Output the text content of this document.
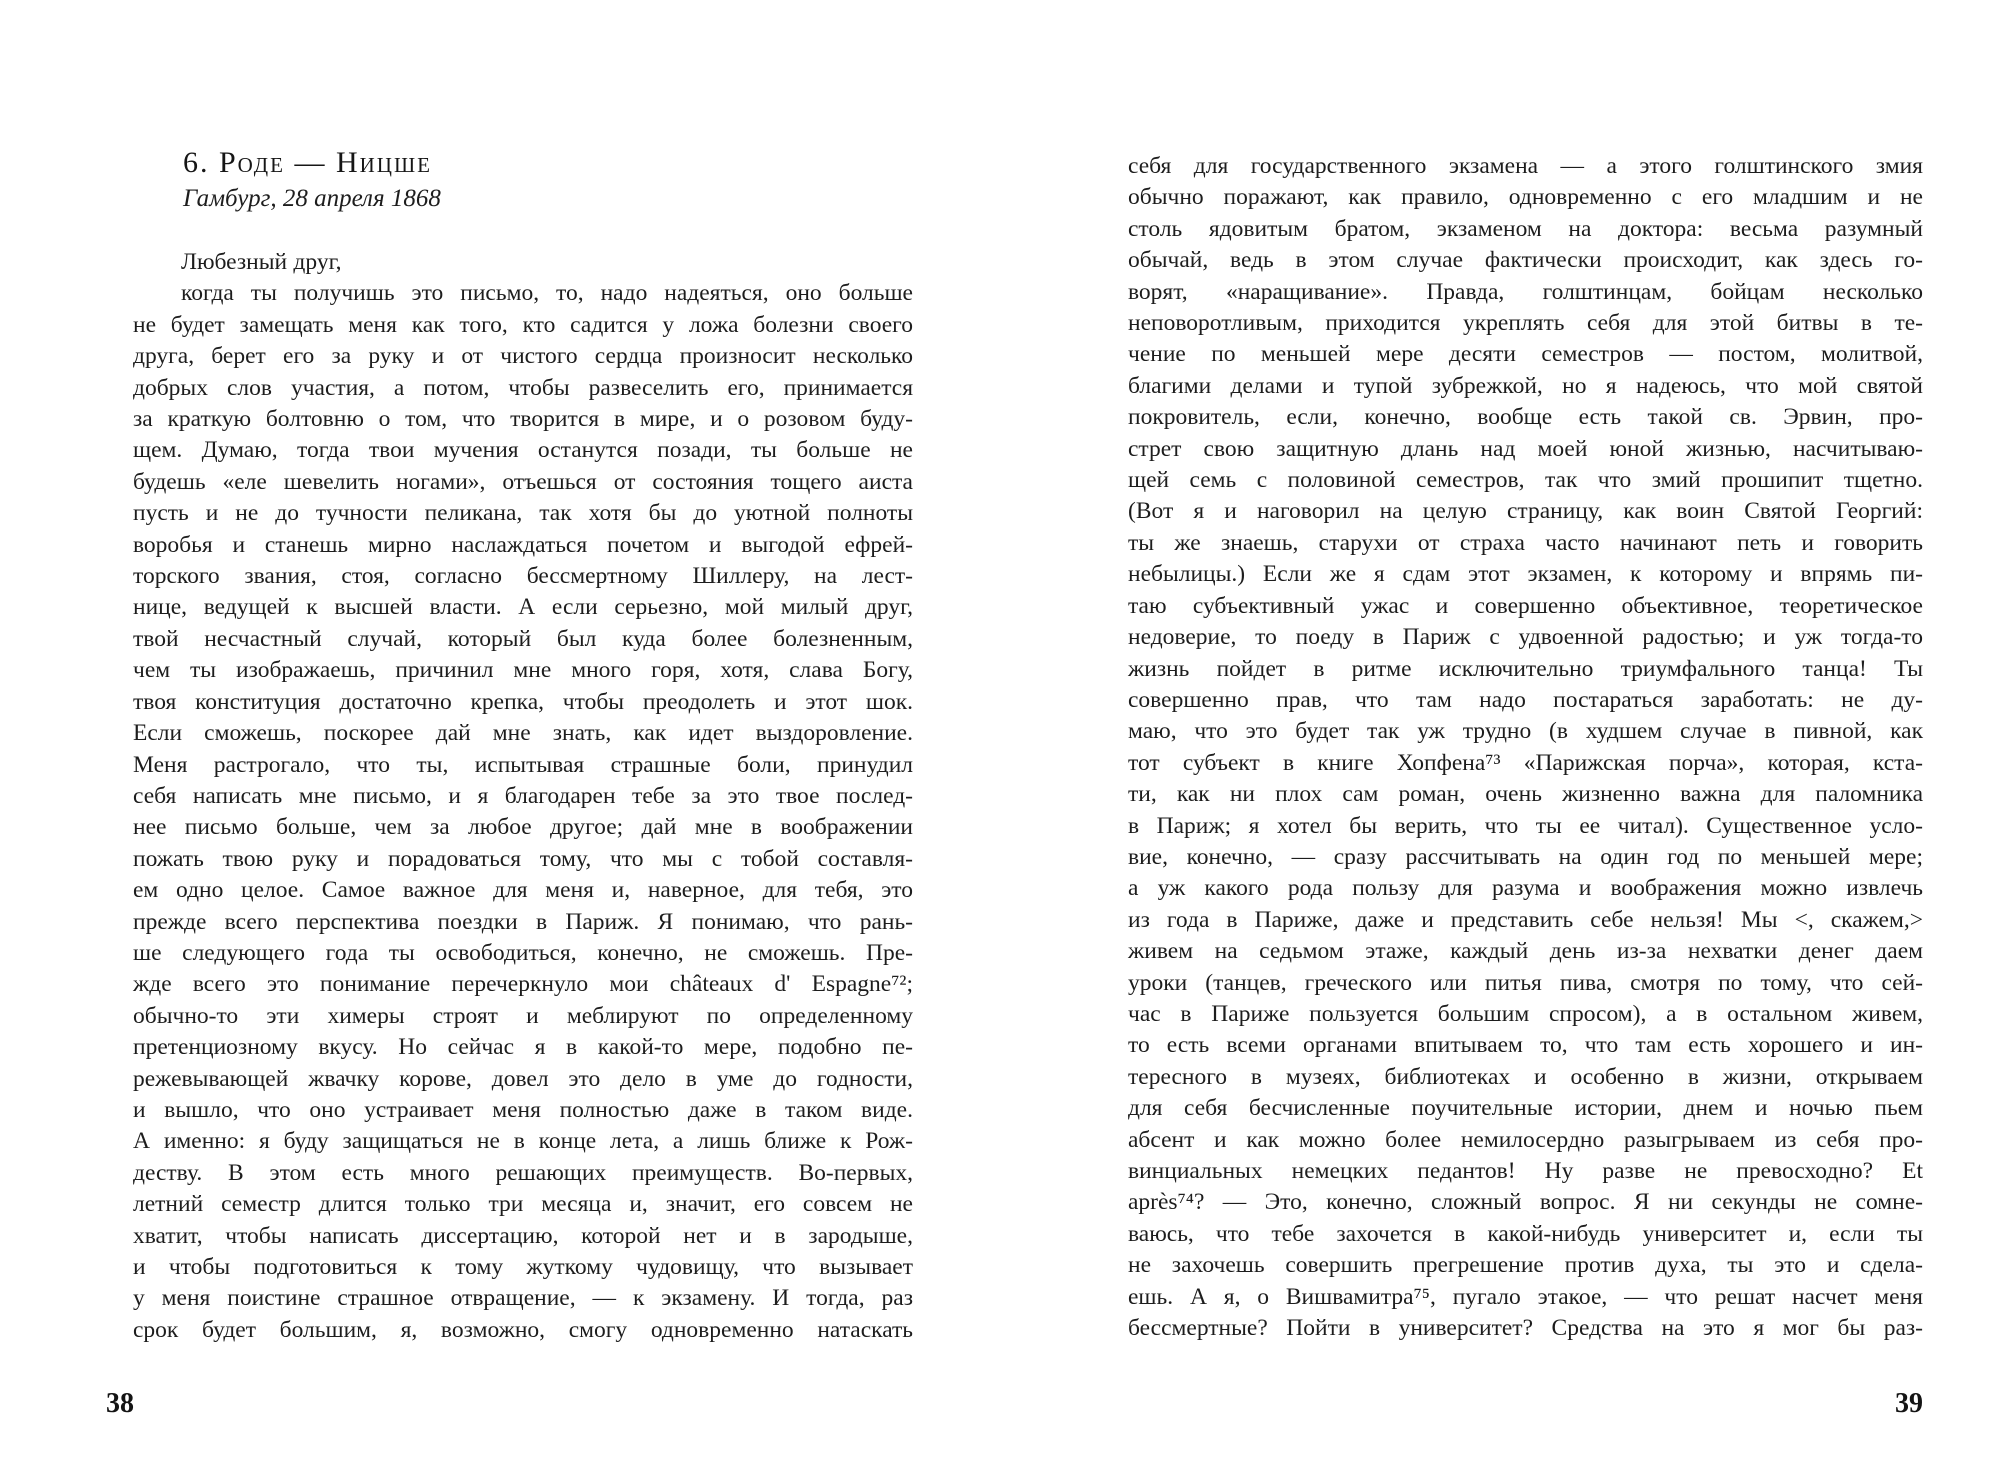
6. Роде — Ницше
Гамбург, 28 апреля 1868
Любезный друг,
когда ты получишь это письмо, то, надо надеяться, оно больше
не будет замещать меня как того, кто садится у ложа болезни своего
друга, берет его за руку и от чистого сердца произносит несколько
добрых слов участия, а потом, чтобы развеселить его, принимается
за краткую болтовню о том, что творится в мире, и о розовом буду-
щем. Думаю, тогда твои мучения останутся позади, ты больше не
будешь «еле шевелить ногами», отъешься от состояния тощего аиста
пусть и не до тучности пеликана, так хотя бы до уютной полноты
воробья и станешь мирно наслаждаться почетом и выгодой ефрей-
торского звания, стоя, согласно бессмертному Шиллеру, на лест-
нице, ведущей к высшей власти. А если серьезно, мой милый друг,
твой несчастный случай, который был куда более болезненным,
чем ты изображаешь, причинил мне много горя, хотя, слава Богу,
твоя конституция достаточно крепка, чтобы преодолеть и этот шок.
Если сможешь, поскорее дай мне знать, как идет выздоровление.
Меня растрогало, что ты, испытывая страшные боли, принудил
себя написать мне письмо, и я благодарен тебе за это твое послед-
нее письмо больше, чем за любое другое; дай мне в воображении
пожать твою руку и порадоваться тому, что мы с тобой составля-
ем одно целое. Самое важное для меня и, наверное, для тебя, это
прежде всего перспектива поездки в Париж. Я понимаю, что рань-
ше следующего года ты освободиться, конечно, не сможешь. Пре-
жде всего это понимание перечеркнуло мои châteaux d' Espagne⁷²;
обычно-то эти химеры строят и меблируют по определенному
претенциозному вкусу. Но сейчас я в какой-то мере, подобно пе-
режевывающей жвачку корове, довел это дело в уме до годности,
и вышло, что оно устраивает меня полностью даже в таком виде.
А именно: я буду защищаться не в конце лета, а лишь ближе к Рож-
деству. В этом есть много решающих преимуществ. Во-первых,
летний семестр длится только три месяца и, значит, его совсем не
хватит, чтобы написать диссертацию, которой нет и в зародыше,
и чтобы подготовиться к тому жуткому чудовищу, что вызывает
у меня поистине страшное отвращение, — к экзамену. И тогда, раз
срок будет большим, я, возможно, смогу одновременно натаскать
38
себя для государственного экзамена — а этого голштинского змия
обычно поражают, как правило, одновременно с его младшим и не
столь ядовитым братом, экзаменом на доктора: весьма разумный
обычай, ведь в этом случае фактически происходит, как здесь го-
ворят, «наращивание». Правда, голштинцам, бойцам несколько
неповоротливым, приходится укреплять себя для этой битвы в те-
чение по меньшей мере десяти семестров — постом, молитвой,
благими делами и тупой зубрежкой, но я надеюсь, что мой святой
покровитель, если, конечно, вообще есть такой св. Эрвин, про-
стрет свою защитную длань над моей юной жизнью, насчитываю-
щей семь с половиной семестров, так что змий прошипит тщетно.
(Вот я и наговорил на целую страницу, как воин Святой Георгий:
ты же знаешь, старухи от страха часто начинают петь и говорить
небылицы.) Если же я сдам этот экзамен, к которому и впрямь пи-
таю субъективный ужас и совершенно объективное, теоретическое
недоверие, то поеду в Париж с удвоенной радостью; и уж тогда-то
жизнь пойдет в ритме исключительно триумфального танца! Ты
совершенно прав, что там надо постараться заработать: не ду-
маю, что это будет так уж трудно (в худшем случае в пивной, как
тот субъект в книге Хопфена⁷³ «Парижская порча», которая, кста-
ти, как ни плох сам роман, очень жизненно важна для паломника
в Париж; я хотел бы верить, что ты ее читал). Существенное усло-
вие, конечно, — сразу рассчитывать на один год по меньшей мере;
а уж какого рода пользу для разума и воображения можно извлечь
из года в Париже, даже и представить себе нельзя! Мы <, скажем,>
живем на седьмом этаже, каждый день из-за нехватки денег даем
уроки (танцев, греческого или питья пива, смотря по тому, что сей-
час в Париже пользуется большим спросом), а в остальном живем,
то есть всеми органами впитываем то, что там есть хорошего и ин-
тересного в музеях, библиотеках и особенно в жизни, открываем
для себя бесчисленные поучительные истории, днем и ночью пьем
абсент и как можно более немилосердно разыгрываем из себя про-
винциальных немецких педантов! Ну разве не превосходно? Et
après⁷⁴? — Это, конечно, сложный вопрос. Я ни секунды не сомне-
ваюсь, что тебе захочется в какой-нибудь университет и, если ты
не захочешь совершить прегрешение против духа, ты это и сдела-
ешь. А я, о Вишвамитра⁷⁵, пугало этакое, — что решат насчет меня
бессмертные? Пойти в университет? Средства на это я мог бы раз-
39
